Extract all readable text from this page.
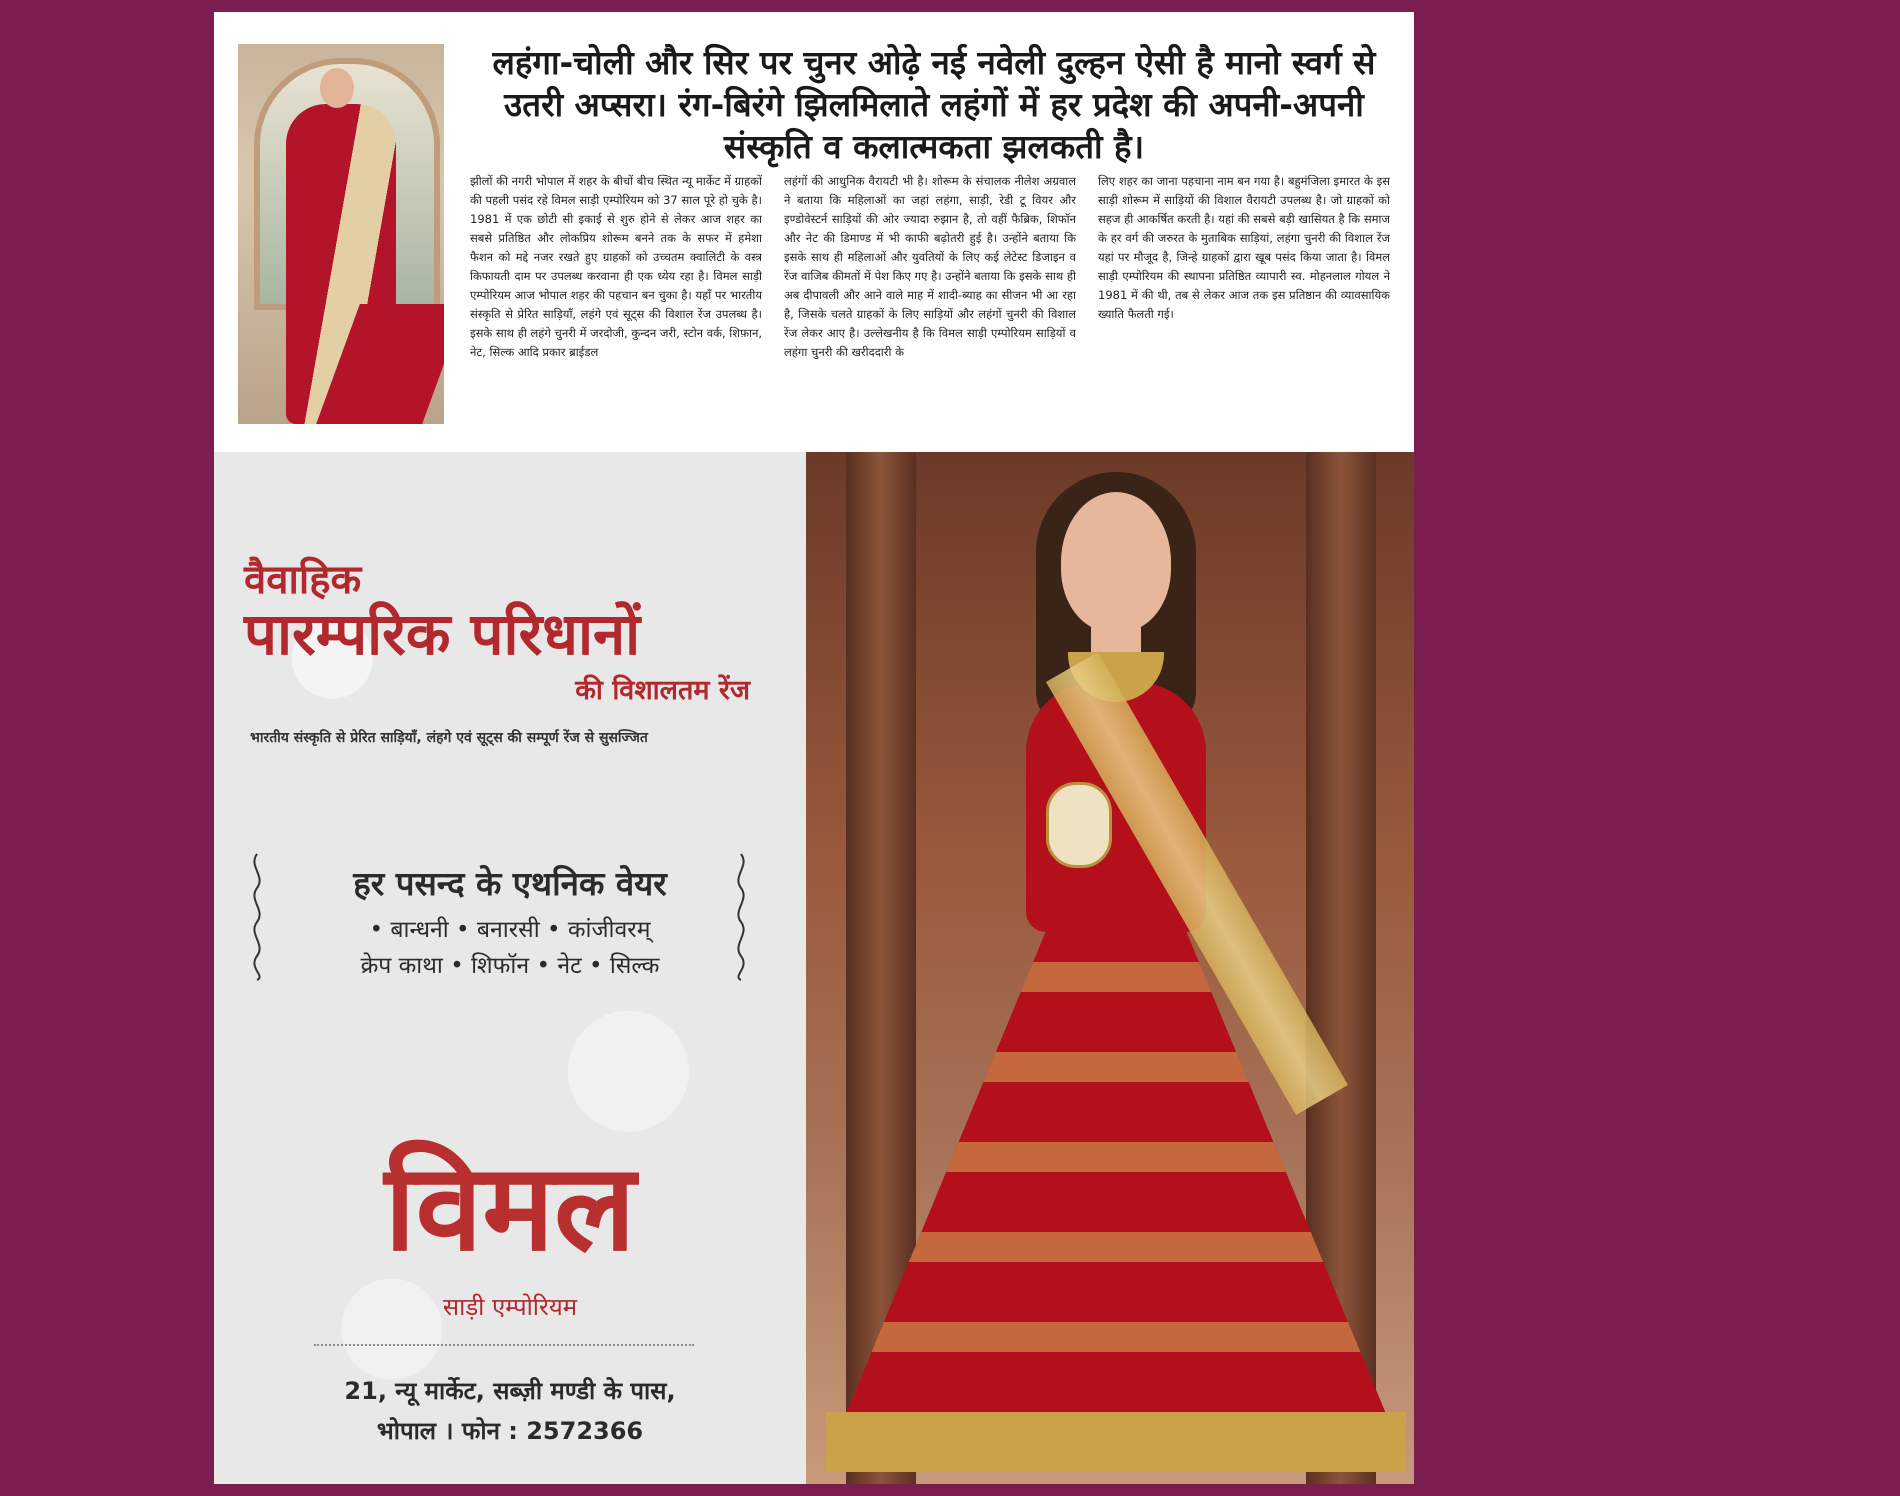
लहंगा-चोली और सिर पर चुनर ओढ़े नई नवेली दुल्हन ऐसी है मानो स्वर्ग से उतरी अप्सरा। रंग-बिरंगे झिलमिलाते लहंगों में हर प्रदेश की अपनी-अपनी संस्कृति व कलात्मकता झलकती है।

झीलों की नगरी भोपाल में शहर के बीचों बीच स्थित न्यू मार्केट में ग्राहकों की पहली पसंद रहे विमल साड़ी एम्पोरियम को 37 साल पूरे हो चुके है। 1981 में एक छोटी सी इकाई से शुरु होने से लेकर आज शहर का सबसे प्रतिष्ठित और लोकप्रिय शोरूम बनने तक के सफर में हमेशा फैशन को मद्दे नजर रखते हुए ग्राहकों को उच्चतम क्वालिटी के वस्त्र किफायती दाम पर उपलब्ध करवाना ही एक ध्येय रहा है। विमल साड़ी एम्पोरियम आज भोपाल शहर की पहचान बन चुका है। यहाँ पर भारतीय संस्कृति से प्रेरित साड़ियाँ, लहंगे एवं सूट्स की विशाल रेंज उपलब्ध है। इसके साथ ही लहंगे चुनरी में जरदोजी, कुन्दन जरी, स्टोन वर्क, शिफ़ान, नेट, सिल्क आदि प्रकार ब्राईडल

लहंगों की आधुनिक वैरायटी भी है। शोरूम के संचालक नीलेश अग्रवाल ने बताया कि महिलाओं का जहां लहंगा, साड़ी, रेडी टू वियर और इण्डोवेस्टर्न साड़ियों की ओर ज्यादा रुझान है, तो वहीं फैब्रिक, शिफॉन और नेट की डिमाण्ड में भी काफी बढ़ोतरी हुई है। उन्होंने बताया कि इसके साथ ही महिलाओं और युवतियों के लिए कई लेटेस्ट डिजाइन व रेंज वाजिब कीमतों में पेश किए गए है। उन्होंने बताया कि इसके साथ ही अब दीपावली और आने वाले माह में शादी-ब्याह का सीजन भी आ रहा है, जिसके चलते ग्राहकों के लिए साड़ियों और लहंगों चुनरी की विशाल रेंज लेकर आए है। उल्लेखनीय है कि विमल साड़ी एम्पोरियम साड़ियों व लहंगा चुनरी की खरीददारी के

लिए शहर का जाना पहचाना नाम बन गया है। बहुमंजिला इमारत के इस साड़ी शोरूम में साड़ियों की विशाल वैरायटी उपलब्ध है। जो ग्राहकों को सहज ही आकर्षित करती है। यहां की सबसे बड़ी खासियत है कि समाज के हर वर्ग की जरुरत के मुताबिक साड़ियां, लहंगा चुनरी की विशाल रेंज यहां पर मौजूद है, जिन्हे ग्राहकों द्वारा खूब पसंद किया जाता है। विमल साड़ी एम्पोरियम की स्थापना प्रतिष्ठित व्यापारी स्व. मोहनलाल गोयल ने 1981 में की थी, तब से लेकर आज तक इस प्रतिष्ठान की व्यावसायिक ख्याति फैलती गई।

वैवाहिक

पारम्परिक परिधानों

की विशालतम रेंज

भारतीय संस्कृति से प्रेरित साड़ियाँ, लंहगे एवं सूट्स की सम्पूर्ण रेंज से सुसज्जित

हर पसन्द के एथनिक वेयर

• बान्धनी • बनारसी • कांजीवरम्

क्रेप काथा • शिफॉन • नेट • सिल्क

विमल

साड़ी एम्पोरियम

21, न्यू मार्केट, सब्ज़ी मण्डी के पास,

भोपाल । फोन : 2572366
